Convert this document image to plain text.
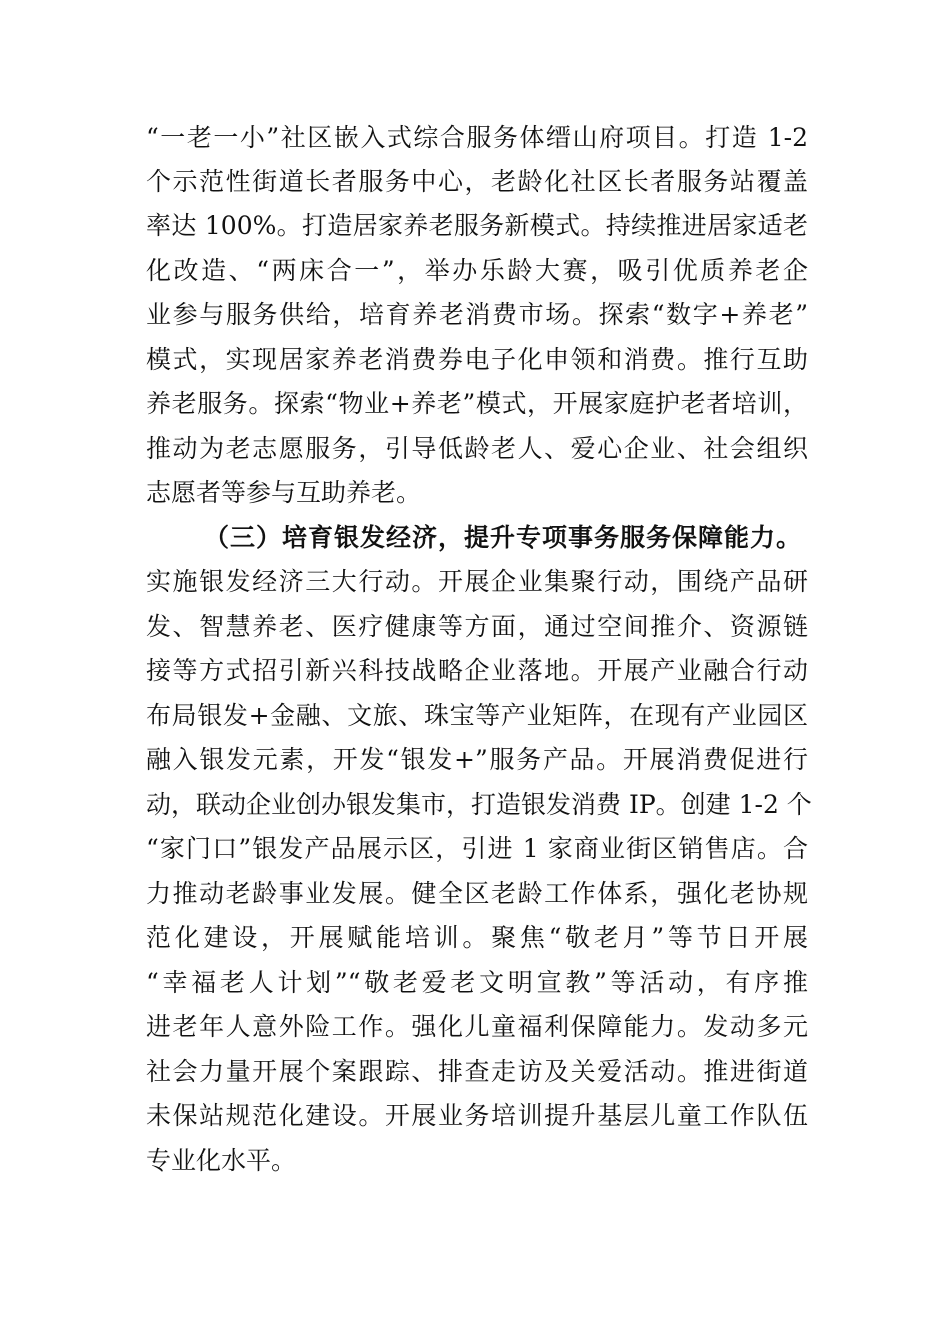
“一老一小”社区嵌入式综合服务体缙山府项目。打造 1-2
个示范性街道长者服务中心，老龄化社区长者服务站覆盖
率达 100%。打造居家养老服务新模式。持续推进居家适老
化改造、“两床合一”，举办乐龄大赛，吸引优质养老企
业参与服务供给，培育养老消费市场。探索“数字+养老”
模式，实现居家养老消费券电子化申领和消费。推行互助
养老服务。探索“物业+养老”模式，开展家庭护老者培训，
推动为老志愿服务，引导低龄老人、爱心企业、社会组织
志愿者等参与互助养老。
（三）培育银发经济，提升专项事务服务保障能力。
实施银发经济三大行动。开展企业集聚行动，围绕产品研
发、智慧养老、医疗健康等方面，通过空间推介、资源链
接等方式招引新兴科技战略企业落地。开展产业融合行动
布局银发+金融、文旅、珠宝等产业矩阵，在现有产业园区
融入银发元素，开发“银发+”服务产品。开展消费促进行
动，联动企业创办银发集市，打造银发消费 IP。创建 1-2 个
“家门口”银发产品展示区，引进 1 家商业街区销售店。合
力推动老龄事业发展。健全区老龄工作体系，强化老协规
范化建设，开展赋能培训。聚焦“敬老月”等节日开展
“幸福老人计划”“敬老爱老文明宣教”等活动，有序推
进老年人意外险工作。强化儿童福利保障能力。发动多元
社会力量开展个案跟踪、排查走访及关爱活动。推进街道
未保站规范化建设。开展业务培训提升基层儿童工作队伍
专业化水平。
